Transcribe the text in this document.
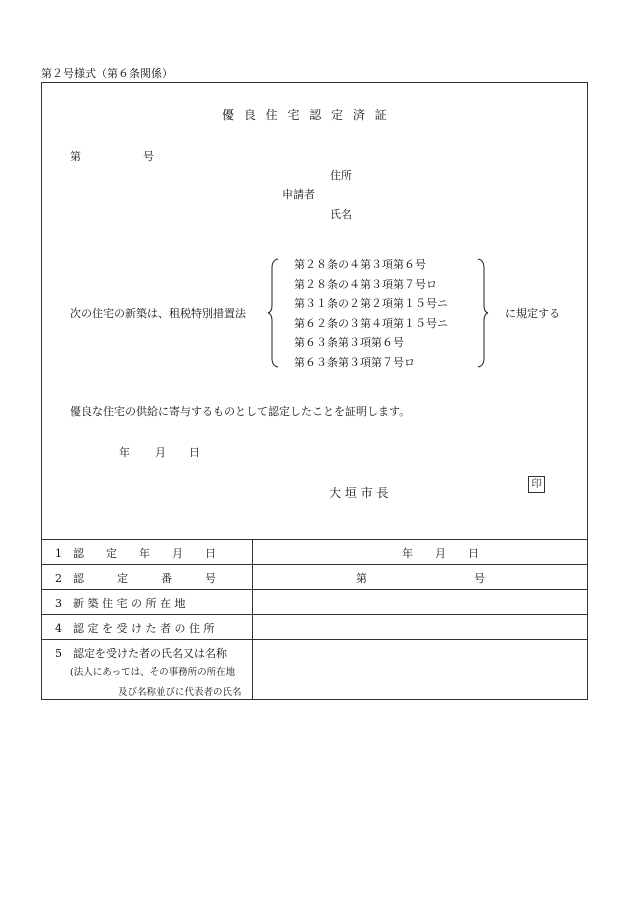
第２号様式（第６条関係）
優 良 住 宅 認 定 済 証
第	号
住所
申請者
氏名
次の住宅の新築は、租税特別措置法
第２８条の４第３項第６号
第２８条の４第３項第７号ロ
第３１条の２第２項第１５号ニ
第６２条の３第４項第１５号ニ
第６３条第３項第６号
第６３条第３項第７号ロ
に規定する
優良な住宅の供給に寄与するものとして認定したことを証明します。
年 月 日
大 垣 市 長
印
1　認　　定　　年　　月　　日	年　　月　　日
2　認　　　定　　　番　　　号	第	号
3　新 築 住 宅 の 所 在 地
4　認 定 を 受 け た 者 の 住 所
5　認定を受けた者の氏名又は名称
(法人にあっては、その事務所の所在地
及び名称並びに代表者の氏名
